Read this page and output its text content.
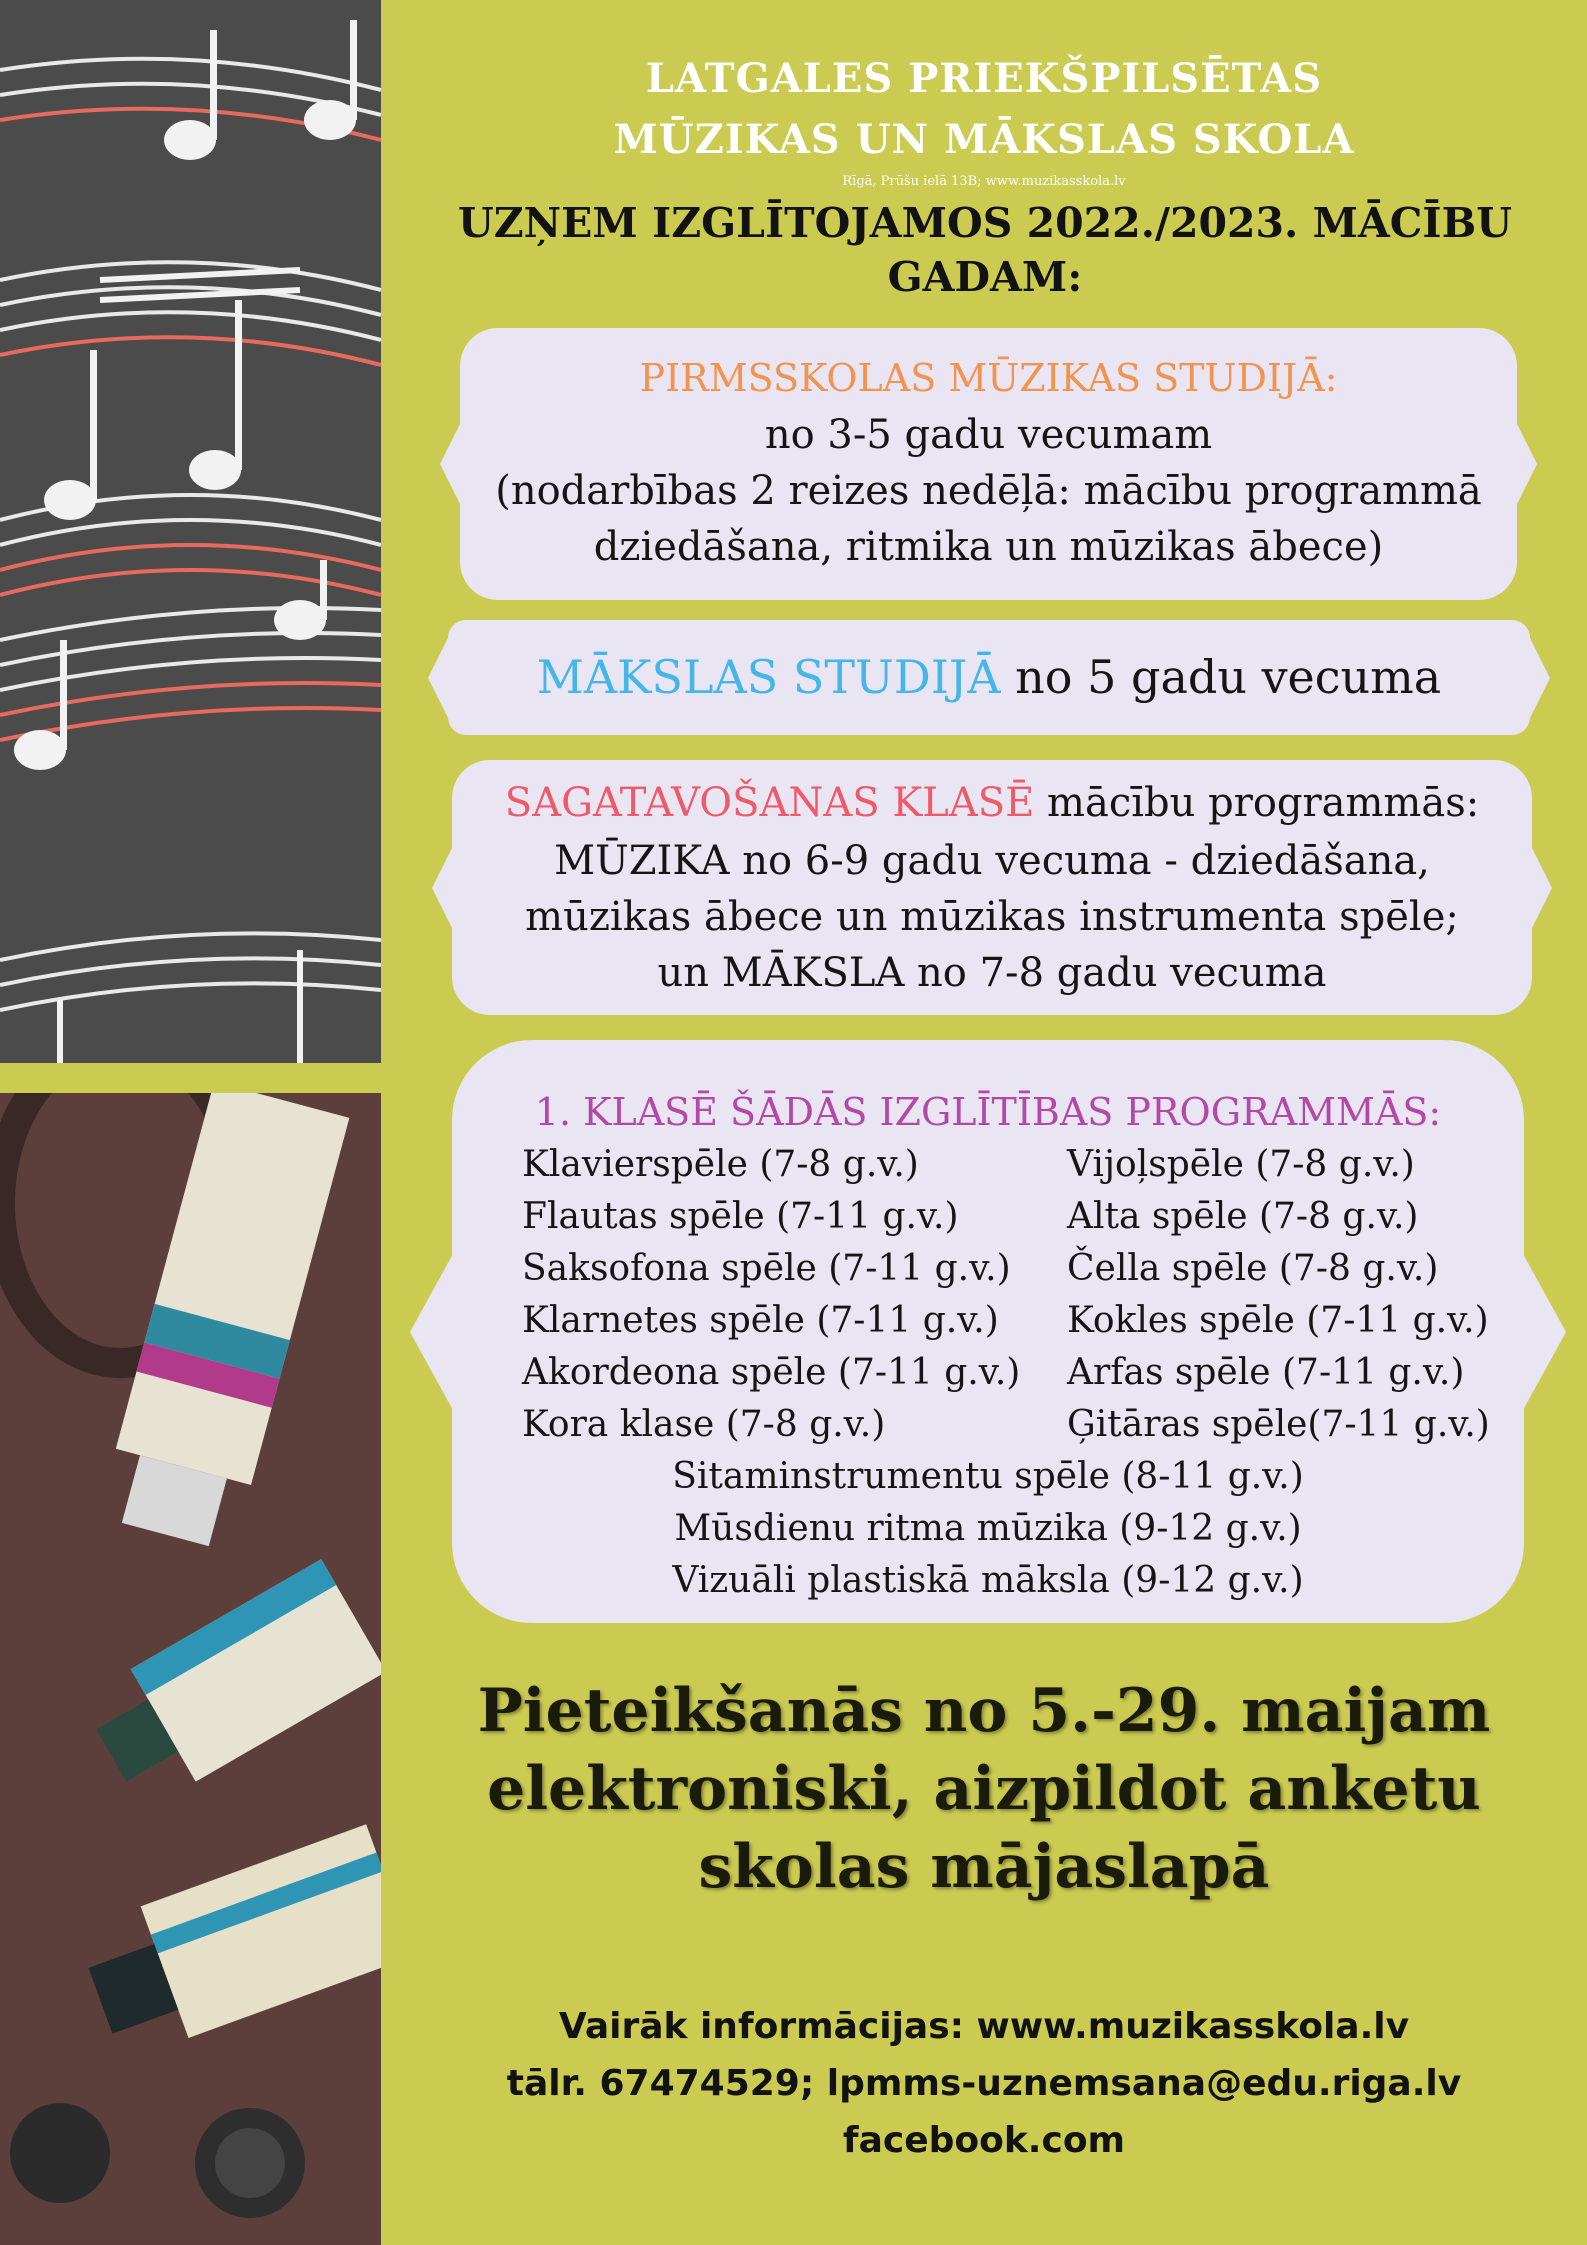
LATGALES PRIEKŠPILSĒTAS
MŪZIKAS UN MĀKSLAS SKOLA
Rīgā, Prūšu ielā 13B; www.muzikasskola.lv
UZŅEM IZGLĪTOJAMOS 2022./2023. MĀCĪBU
GADAM:
PIRMSSKOLAS MŪZIKAS STUDIJĀ:
no 3-5 gadu vecumam
(nodarbības 2 reizes nedēļā: mācību programmā
dziedāšana, ritmika un mūzikas ābece)
MĀKSLAS STUDIJĀ no 5 gadu vecuma
SAGATAVOŠANAS KLASĒ mācību programmās:
MŪZIKA no 6-9 gadu vecuma - dziedāšana,
mūzikas ābece un mūzikas instrumenta spēle;
un MĀKSLA no 7-8 gadu vecuma
1. KLASĒ ŠĀDĀS IZGLĪTĪBAS PROGRAMMĀS:
Klavierspēle (7-8 g.v.)
Flautas spēle (7-11 g.v.)
Saksofona spēle (7-11 g.v.)
Klarnetes spēle (7-11 g.v.)
Akordeona spēle (7-11 g.v.)
Kora klase (7-8 g.v.)
Vijoļspēle (7-8 g.v.)
Alta spēle (7-8 g.v.)
Čella spēle (7-8 g.v.)
Kokles spēle (7-11 g.v.)
Arfas spēle (7-11 g.v.)
Ģitāras spēle(7-11 g.v.)
Sitaminstrumentu spēle (8-11 g.v.)
Mūsdienu ritma mūzika (9-12 g.v.)
Vizuāli plastiskā māksla (9-12 g.v.)
Pieteikšanās no 5.-29. maijam
elektroniski, aizpildot anketu
skolas mājaslapā
Vairāk informācijas: www.muzikasskola.lv
tālr. 67474529; lpmms-uznemsana@edu.riga.lv
facebook.com
